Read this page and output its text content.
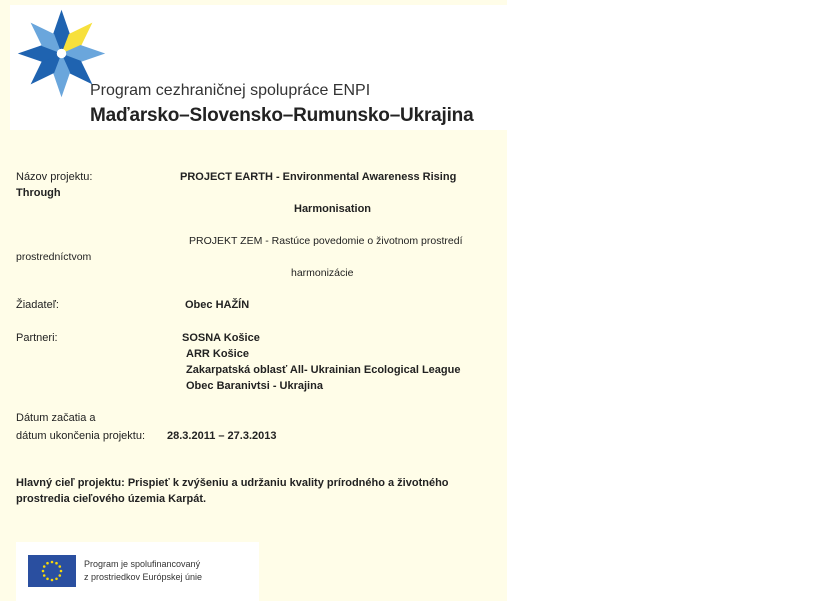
Program cezhraničnej spolupráce ENPI
Maďarsko–Slovensko–Rumunsko–Ukrajina
Názov projektu:	PROJECT EARTH - Environmental Awareness Rising
Through
Harmonisation
PROJEKT ZEM - Rastúce povedomie o životnom prostredí
prostredníctvom
harmonizácie
Žiadateľ:	Obec HAŽÍN
Partneri:	SOSNA Košice
ARR Košice
Zakarpatská oblasť All- Ukrainian Ecological League
Obec Baranivtsi - Ukrajina
Dátum začatia a
dátum ukončenia projektu: 28.3.2011 – 27.3.2013
Hlavný cieľ projektu: Prispieť k zvýšeniu a udržaniu kvality prírodného a životného
prostredia cieľového územia Karpát.
Program je spolufinancovaný
z prostriedkov Európskej únie
